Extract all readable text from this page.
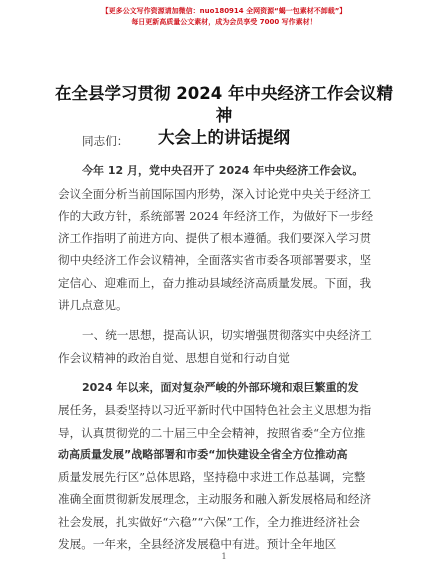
【更多公文写作资源请加微信：nuo180914 全网资源“蝎一包素材不卸载”】
每日更新高质量公文素材，成为会员享受 7000 写作素材！
在全县学习贯彻 2024 年中央经济工作会议精神
大会上的讲话提纲
同志们：
今年 12 月，党中央召开了 2024 年中央经济工作会议。
会议全面分析当前国际国内形势，深入讨论党中央关于经济工
作的大政方针，系统部署 2024 年经济工作，为做好下一步经
济工作指明了前进方向、提供了根本遵循。我们要深入学习贯
彻中央经济工作会议精神，全面落实省市委各项部署要求，坚
定信心、迎难而上，奋力推动县域经济高质量发展。下面，我
讲几点意见。
一、统一思想，提高认识，切实增强贯彻落实中央经济工
作会议精神的政治自觉、思想自觉和行动自觉
2024 年以来，面对复杂严峻的外部环境和艰巨繁重的发
展任务，县委坚持以习近平新时代中国特色社会主义思想为指
导，认真贯彻党的二十届三中全会精神，按照省委“全方位推
动高质量发展”战略部署和市委“加快建设全省全方位推动高
质量发展先行区”总体思路，坚持稳中求进工作总基调，完整
准确全面贯彻新发展理念，主动服务和融入新发展格局和经济
社会发展，扎实做好“六稳”“六保”工作，全力推进经济社会
发展。一年来，全县经济发展稳中有进。预计全年地区
1
